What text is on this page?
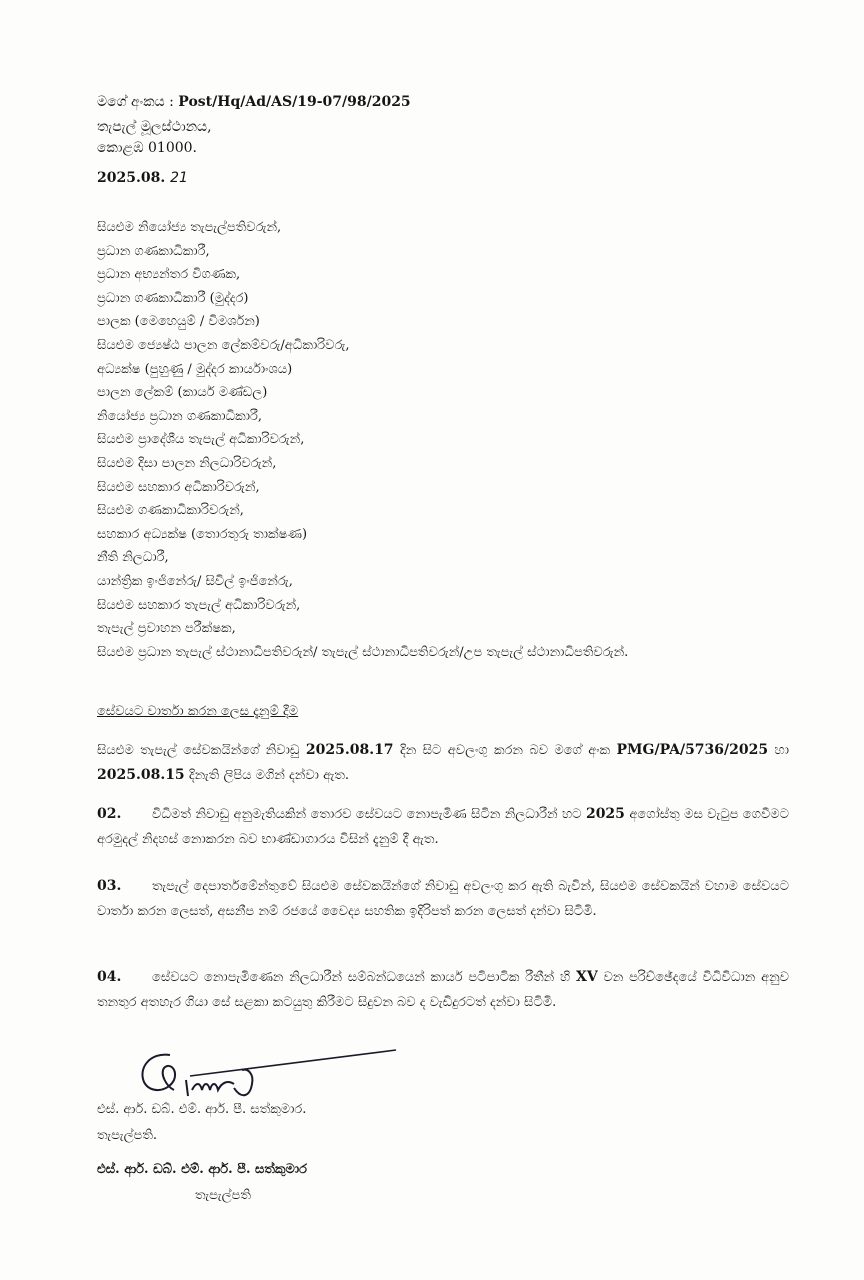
මගේ අංකය : Post/Hq/Ad/AS/19-07/98/2025
තැපැල් මූලස්ථානය,
කොළඹ 01000.
2025.08. 21
සියළුම නියෝජ්‍ය තැපැල්පතිවරුන්,
ප්‍රධාන ගණකාධිකාරී,
ප්‍රධාන අභ්‍යන්තර විගණක,
ප්‍රධාන ගණකාධිකාරී (මුද්දර)
පාලක (මෙහෙයුම් / විමර්ශන)
සියළුම ජ්‍යෙෂ්ඨ පාලන ලේකම්වරු/අධිකාරිවරු,
අධ්‍යක්ෂ (පුහුණු / මුද්දර කාර්යාංශය)
පාලන ලේකම් (කාර්ය මණ්ඩල)
නියෝජ්‍ය ප්‍රධාන ගණකාධිකාරී,
සියළුම ප්‍රාදේශීය තැපැල් අධිකාරිවරුන්,
සියළුම දිසා පාලන නිලධාරිවරුන්,
සියළුම සහකාර අධිකාරිවරුන්,
සියළුම ගණකාධිකාරිවරුන්,
සහකාර අධ්‍යක්ෂ (තොරතුරු තාක්ෂණ)
නීති නිලධාරී,
යාන්ත්‍රික ඉංජිනේරු/ සිවිල් ඉංජිනේරු,
සියළුම සහකාර තැපැල් අධිකාරිවරුන්,
තැපැල් ප්‍රවාහන පරීක්ෂක,
සියළුම ප්‍රධාන තැපැල් ස්ථානාධිපතිවරුන්/ තැපැල් ස්ථානාධිපතිවරුන්/උප තැපැල් ස්ථානාධිපතිවරුන්.
සේවයට වාර්තා කරන ලෙස දැනුම් දීම
සියළුම තැපැල් සේවකයින්ගේ නිවාඩු 2025.08.17 දින සිට අවලංගු කරන බව මගේ අංක PMG/PA/5736/2025 හා 2025.08.15 දිනැති ලිපිය මගින් දන්වා ඇත.
02. විධිමත් නිවාඩු අනුමැතියකින් තොරව සේවයට නොපැමිණ සිටින නිලධාරීන් හට 2025 අගෝස්තු මස වැටුප ගෙවීමට අරමුදල් නිදහස් නොකරන බව භාණ්ඩාගාරය විසින් දැනුම් දී ඇත.
03. තැපැල් දෙපාර්තමේන්තුවේ සියළුම සේවකයින්ගේ නිවාඩු අවලංගු කර ඇති බැවින්, සියළුම සේවකයින් වහාම සේවයට වාර්තා කරන ලෙසත්, අසනීප නම් රජයේ වෛද්‍ය සහතික ඉදිරිපත් කරන ලෙසත් දන්වා සිටිමි.
04. සේවයට නොපැමිණෙන නිලධාරීන් සම්බන්ධයෙන් කාර්ය පටිපාටික රීතීන් හි XV වන පරිච්ඡේදයේ විධිවිධාන අනුව තනතුර අතහැර ගියා සේ සළකා කටයුතු කිරීමට සිදුවන බව ද වැඩිදුරටත් දන්වා සිටිමි.
එස්. ආර්. ඩබ්. එම්. ආර්. පී. සත්කුමාර.
තැපැල්පති.
එස්. ආර්. ඩබ්. එම්. ආර්. පී. සත්කුමාර
තැපැල්පති
